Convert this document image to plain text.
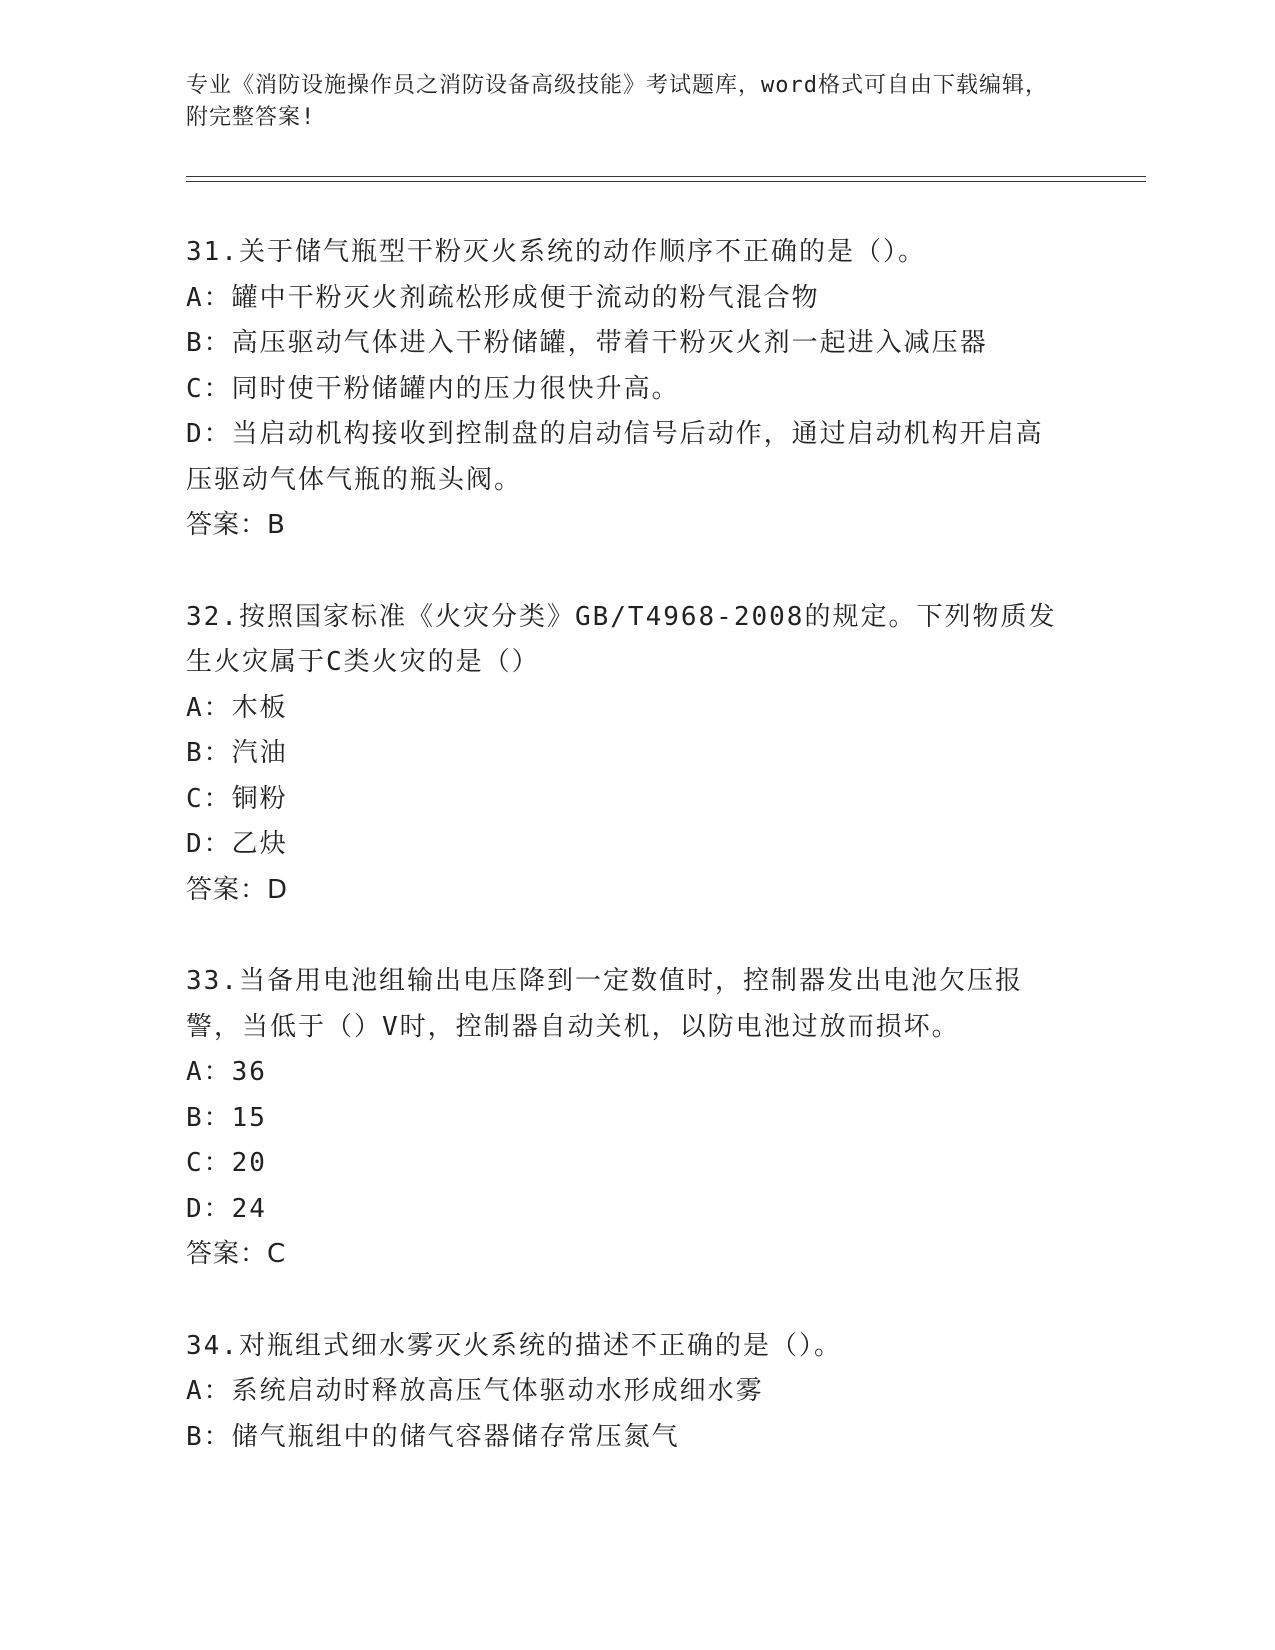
专业《消防设施操作员之消防设备高级技能》考试题库，word格式可自由下载编辑，附完整答案!

31.关于储气瓶型干粉灭火系统的动作顺序不正确的是（）。

A：罐中干粉灭火剂疏松形成便于流动的粉气混合物

B：高压驱动气体进入干粉储罐，带着干粉灭火剂一起进入减压器

C：同时使干粉储罐内的压力很快升高。

D：当启动机构接收到控制盘的启动信号后动作，通过启动机构开启高压驱动气体气瓶的瓶头阀。

答案：B

32.按照国家标准《火灾分类》GB/T4968-2008的规定。下列物质发生火灾属于C类火灾的是（）

A：木板

B：汽油

C：铜粉

D：乙炔

答案：D

33.当备用电池组输出电压降到一定数值时，控制器发出电池欠压报警，当低于（）V时，控制器自动关机，以防电池过放而损坏。

A：36

B：15

C：20

D：24

答案：C

34.对瓶组式细水雾灭火系统的描述不正确的是（）。

A：系统启动时释放高压气体驱动水形成细水雾

B：储气瓶组中的储气容器储存常压氮气
